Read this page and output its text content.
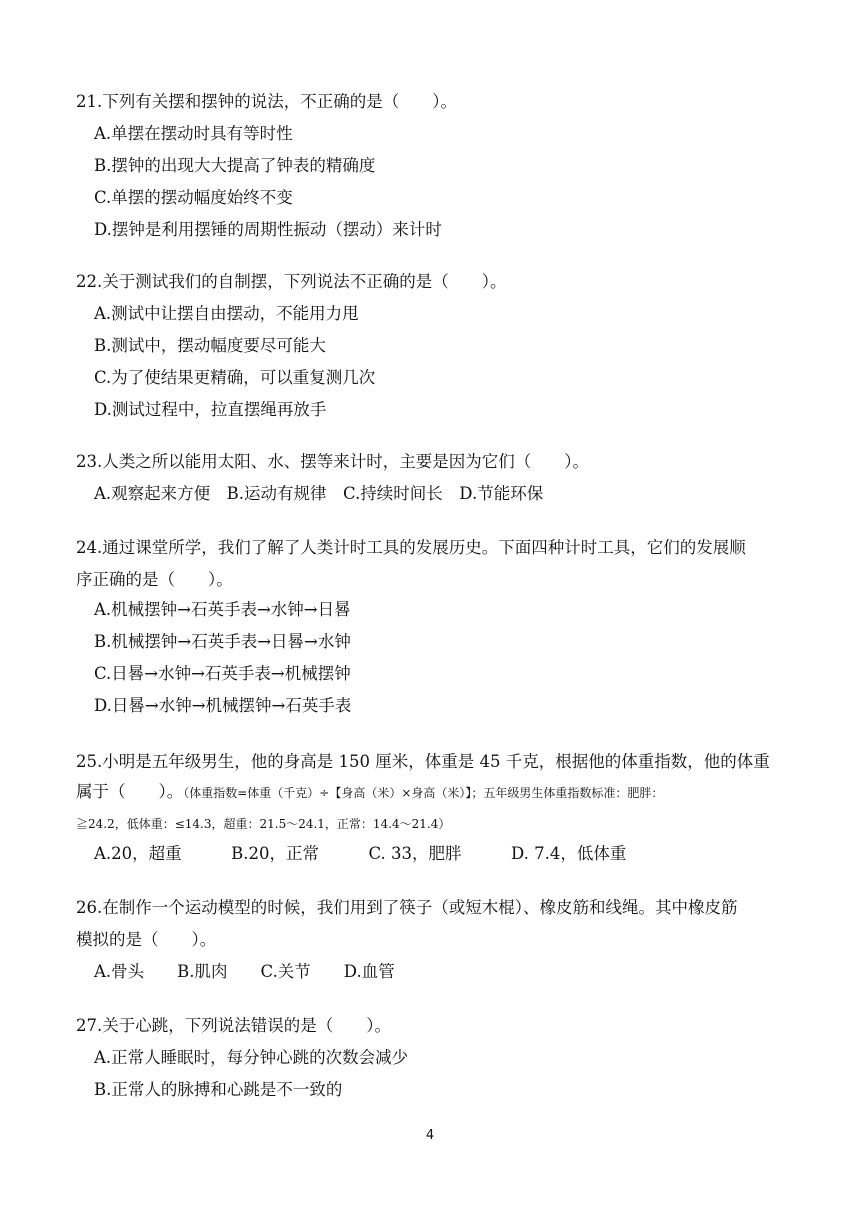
21.下列有关摆和摆钟的说法，不正确的是（　　）。
A.单摆在摆动时具有等时性
B.摆钟的出现大大提高了钟表的精确度
C.单摆的摆动幅度始终不变
D.摆钟是利用摆锤的周期性振动（摆动）来计时
22.关于测试我们的自制摆，下列说法不正确的是（　　）。
A.测试中让摆自由摆动，不能用力甩
B.测试中，摆动幅度要尽可能大
C.为了使结果更精确，可以重复测几次
D.测试过程中，拉直摆绳再放手
23.人类之所以能用太阳、水、摆等来计时，主要是因为它们（　　）。
A.观察起来方便　B.运动有规律　C.持续时间长　D.节能环保
24.通过课堂所学，我们了解了人类计时工具的发展历史。下面四种计时工具，它们的发展顺
序正确的是（　　）。
A.机械摆钟→石英手表→水钟→日晷
B.机械摆钟→石英手表→日晷→水钟
C.日晷→水钟→石英手表→机械摆钟
D.日晷→水钟→机械摆钟→石英手表
25.小明是五年级男生，他的身高是 150 厘米，体重是 45 千克，根据他的体重指数，他的体重
属于（　　）。（体重指数=体重（千克）÷【身高（米）×身高（米）】；五年级男生体重指数标准：肥胖：
≧24.2，低体重：≤14.3，超重：21.5～24.1，正常：14.4～21.4）
A.20，超重　　　B.20，正常　　　C. 33，肥胖　　　D. 7.4，低体重
26.在制作一个运动模型的时候，我们用到了筷子（或短木棍）、橡皮筋和线绳。其中橡皮筋
模拟的是（　　）。
A.骨头　　B.肌肉　　C.关节　　D.血管
27.关于心跳，下列说法错误的是（　　）。
A.正常人睡眠时，每分钟心跳的次数会减少
B.正常人的脉搏和心跳是不一致的
4
